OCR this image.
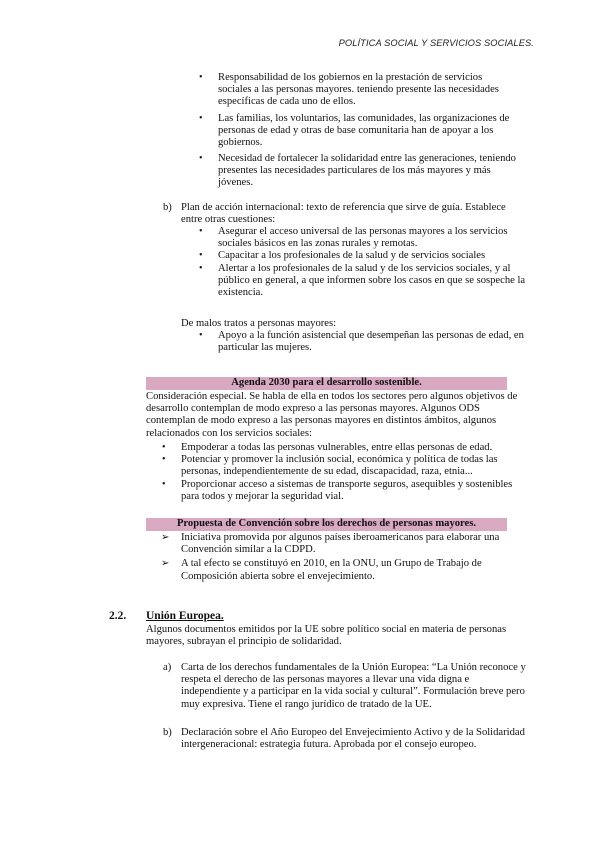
POLÍTICA SOCIAL Y SERVICIOS SOCIALES.
• Responsabilidad de los gobiernos en la prestación de servicios sociales a las personas mayores. teniendo presente las necesidades específicas de cada uno de ellos.
• Las familias, los voluntarios, las comunidades, las organizaciones de personas de edad y otras de base comunitaria han de apoyar a los gobiernos.
• Necesidad de fortalecer la solidaridad entre las generaciones, teniendo presentes las necesidades particulares de los más mayores y más jóvenes.
b) Plan de acción internacional: texto de referencia que sirve de guía. Establece entre otras cuestiones:
• Asegurar el acceso universal de las personas mayores a los servicios sociales básicos en las zonas rurales y remotas.
• Capacitar a los profesionales de la salud y de servicios sociales
• Alertar a los profesionales de la salud y de los servicios sociales, y al público en general, a que informen sobre los casos en que se sospeche la existencia.
De malos tratos a personas mayores:
• Apoyo a la función asistencial que desempeñan las personas de edad, en particular las mujeres.
Agenda 2030 para el desarrollo sostenible.
Consideración especial. Se habla de ella en todos los sectores pero algunos objetivos de desarrollo contemplan de modo expreso a las personas mayores. Algunos ODS contemplan de modo expreso a las personas mayores en distintos ámbitos, algunos relacionados con los servicios sociales:
• Empoderar a todas las personas vulnerables, entre ellas personas de edad.
• Potenciar y promover la inclusión social, económica y política de todas las personas, independientemente de su edad, discapacidad, raza, etnia...
• Proporcionar acceso a sistemas de transporte seguros, asequibles y sostenibles para todos y mejorar la seguridad vial.
Propuesta de Convención sobre los derechos de personas mayores.
➢ Iniciativa promovida por algunos países iberoamericanos para elaborar una Convención similar a la CDPD.
➢ A tal efecto se constituyó en 2010, en la ONU, un Grupo de Trabajo de Composición abierta sobre el envejecimiento.
2.2. Unión Europea.
Algunos documentos emitidos por la UE sobre político social en materia de personas mayores, subrayan el principio de solidaridad.
a) Carta de los derechos fundamentales de la Unión Europea: “La Unión reconoce y respeta el derecho de las personas mayores a llevar una vida digna e independiente y a participar en la vida social y cultural”. Formulación breve pero muy expresiva. Tiene el rango jurídico de tratado de la UE.
b) Declaración sobre el Año Europeo del Envejecimiento Activo y de la Solidaridad intergeneracional: estrategia futura. Aprobada por el consejo europeo.
